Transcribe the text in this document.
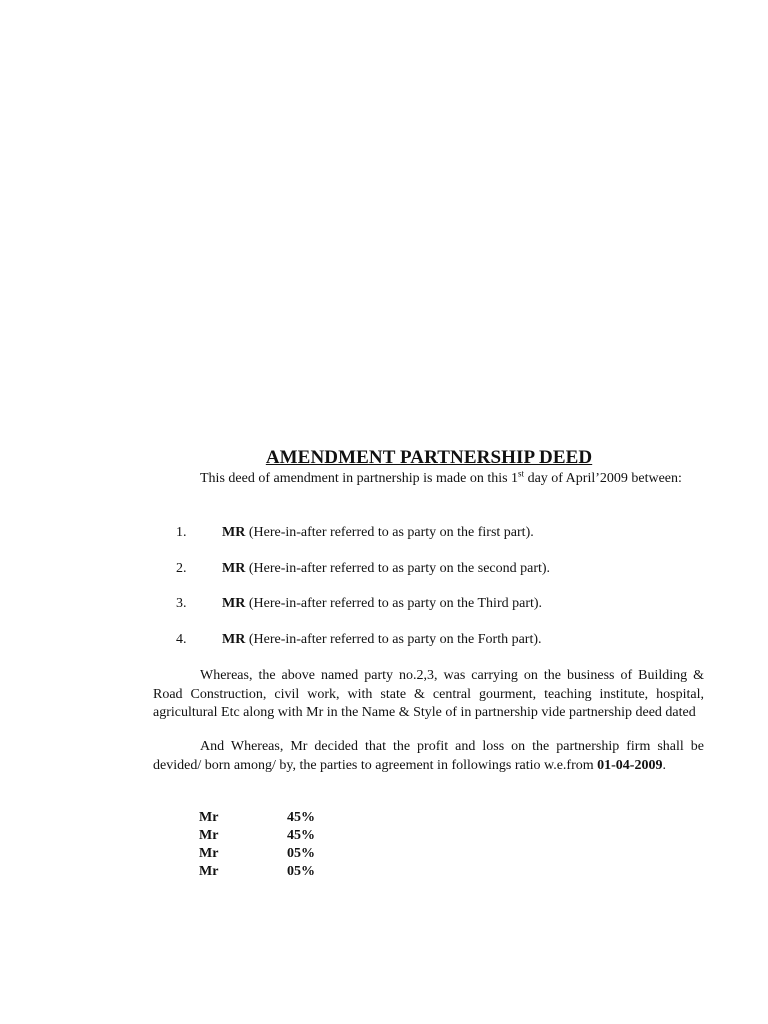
AMENDMENT PARTNERSHIP DEED
This deed of amendment in partnership is made on this 1st day of April’2009 between:
1.	MR (Here-in-after referred to as party on the first part).
2.	MR (Here-in-after referred to as party on the second part).
3.	MR (Here-in-after referred to as party on the Third part).
4.	MR (Here-in-after referred to as party on the Forth part).
Whereas, the above named party no.2,3, was carrying on the business of Building & Road Construction, civil work, with state & central gourment, teaching institute, hospital, agricultural Etc along with Mr in the Name & Style of in partnership vide partnership deed dated
And Whereas, Mr decided that the profit and loss on the partnership firm shall be devided/ born among/ by, the parties to agreement in followings ratio w.e.from 01-04-2009.
Mr	45%
Mr	45%
Mr	05%
Mr	05%
